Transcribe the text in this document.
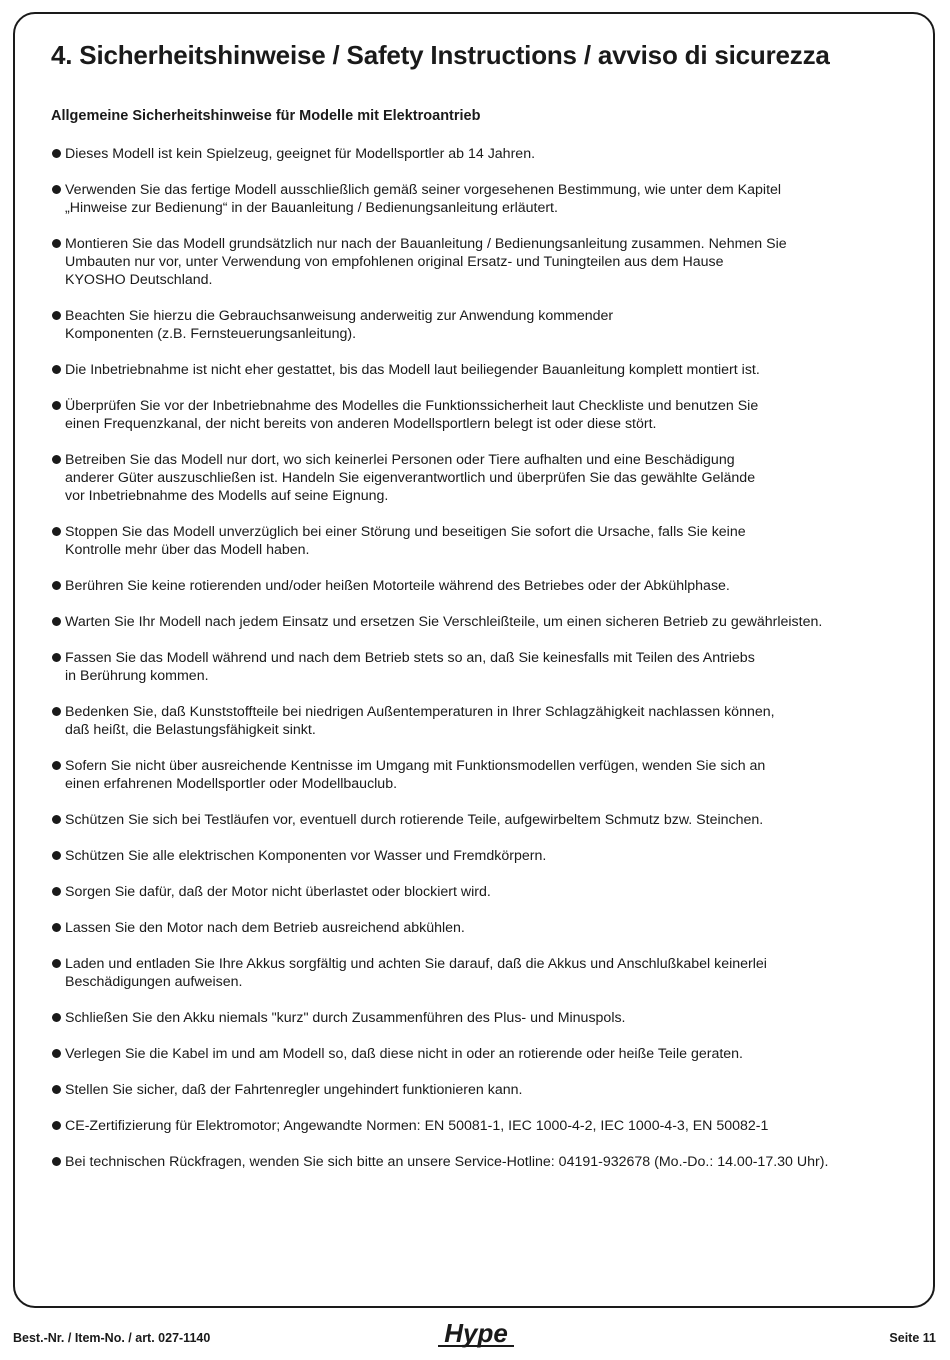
4. Sicherheitshinweise / Safety Instructions / avviso di sicurezza
Allgemeine Sicherheitshinweise für Modelle mit Elektroantrieb
Dieses Modell ist kein Spielzeug, geeignet für Modellsportler ab 14 Jahren.
Verwenden Sie das fertige Modell ausschließlich gemäß seiner vorgesehenen Bestimmung, wie unter dem Kapitel
„Hinweise zur Bedienung“ in der Bauanleitung / Bedienungsanleitung erläutert.
Montieren Sie das Modell grundsätzlich nur nach der Bauanleitung / Bedienungsanleitung zusammen. Nehmen Sie
Umbauten nur vor, unter Verwendung von empfohlenen original Ersatz- und Tuningteilen aus dem Hause
KYOSHO Deutschland.
Beachten Sie hierzu die Gebrauchsanweisung anderweitig zur Anwendung kommender
Komponenten (z.B. Fernsteuerungsanleitung).
Die Inbetriebnahme ist nicht eher gestattet, bis das Modell laut beiliegender Bauanleitung komplett montiert ist.
Überprüfen Sie vor der Inbetriebnahme des Modelles die Funktionssicherheit laut Checkliste und benutzen Sie
einen Frequenzkanal, der nicht bereits von anderen Modellsportlern belegt ist oder diese stört.
Betreiben Sie das Modell nur dort, wo sich keinerlei Personen oder Tiere aufhalten und eine Beschädigung
anderer Güter auszuschließen ist. Handeln Sie eigenverantwortlich und überprüfen Sie das gewählte Gelände
vor Inbetriebnahme des Modells auf seine Eignung.
Stoppen Sie das Modell unverzüglich bei einer Störung und beseitigen Sie sofort die Ursache, falls Sie keine
Kontrolle mehr über das Modell haben.
Berühren Sie keine rotierenden und/oder heißen Motorteile während des Betriebes oder der Abkühlphase.
Warten Sie Ihr Modell nach jedem Einsatz und ersetzen Sie Verschleißteile, um einen sicheren Betrieb zu gewährleisten.
Fassen Sie das Modell während und nach dem Betrieb stets so an, daß Sie keinesfalls mit Teilen des Antriebs
in Berührung kommen.
Bedenken Sie, daß Kunststoffteile bei niedrigen Außentemperaturen in Ihrer Schlagzähigkeit nachlassen können,
daß heißt, die Belastungsfähigkeit sinkt.
Sofern Sie nicht über ausreichende Kentnisse im Umgang mit Funktionsmodellen verfügen, wenden Sie sich an
einen erfahrenen Modellsportler oder Modellbauclub.
Schützen Sie sich bei Testläufen vor, eventuell durch rotierende Teile, aufgewirbeltem Schmutz bzw. Steinchen.
Schützen Sie alle elektrischen Komponenten vor Wasser und Fremdkörpern.
Sorgen Sie dafür, daß der Motor nicht überlastet oder blockiert wird.
Lassen Sie den Motor nach dem Betrieb ausreichend abkühlen.
Laden und entladen Sie Ihre Akkus sorgfältig und achten Sie darauf, daß die Akkus und Anschlußkabel keinerlei
Beschädigungen aufweisen.
Schließen Sie den Akku niemals "kurz" durch Zusammenführen des Plus- und Minuspols.
Verlegen Sie die Kabel im und am Modell so, daß diese nicht in oder an rotierende oder heiße Teile geraten.
Stellen Sie sicher, daß der Fahrtenregler ungehindert funktionieren kann.
CE-Zertifizierung für Elektromotor; Angewandte Normen: EN 50081-1, IEC 1000-4-2, IEC 1000-4-3, EN 50082-1
Bei technischen Rückfragen, wenden Sie sich bitte an unsere Service-Hotline: 04191-932678 (Mo.-Do.: 14.00-17.30 Uhr).
Best.-Nr. / Item-No. / art. 027-1140	Hype	Seite 11
